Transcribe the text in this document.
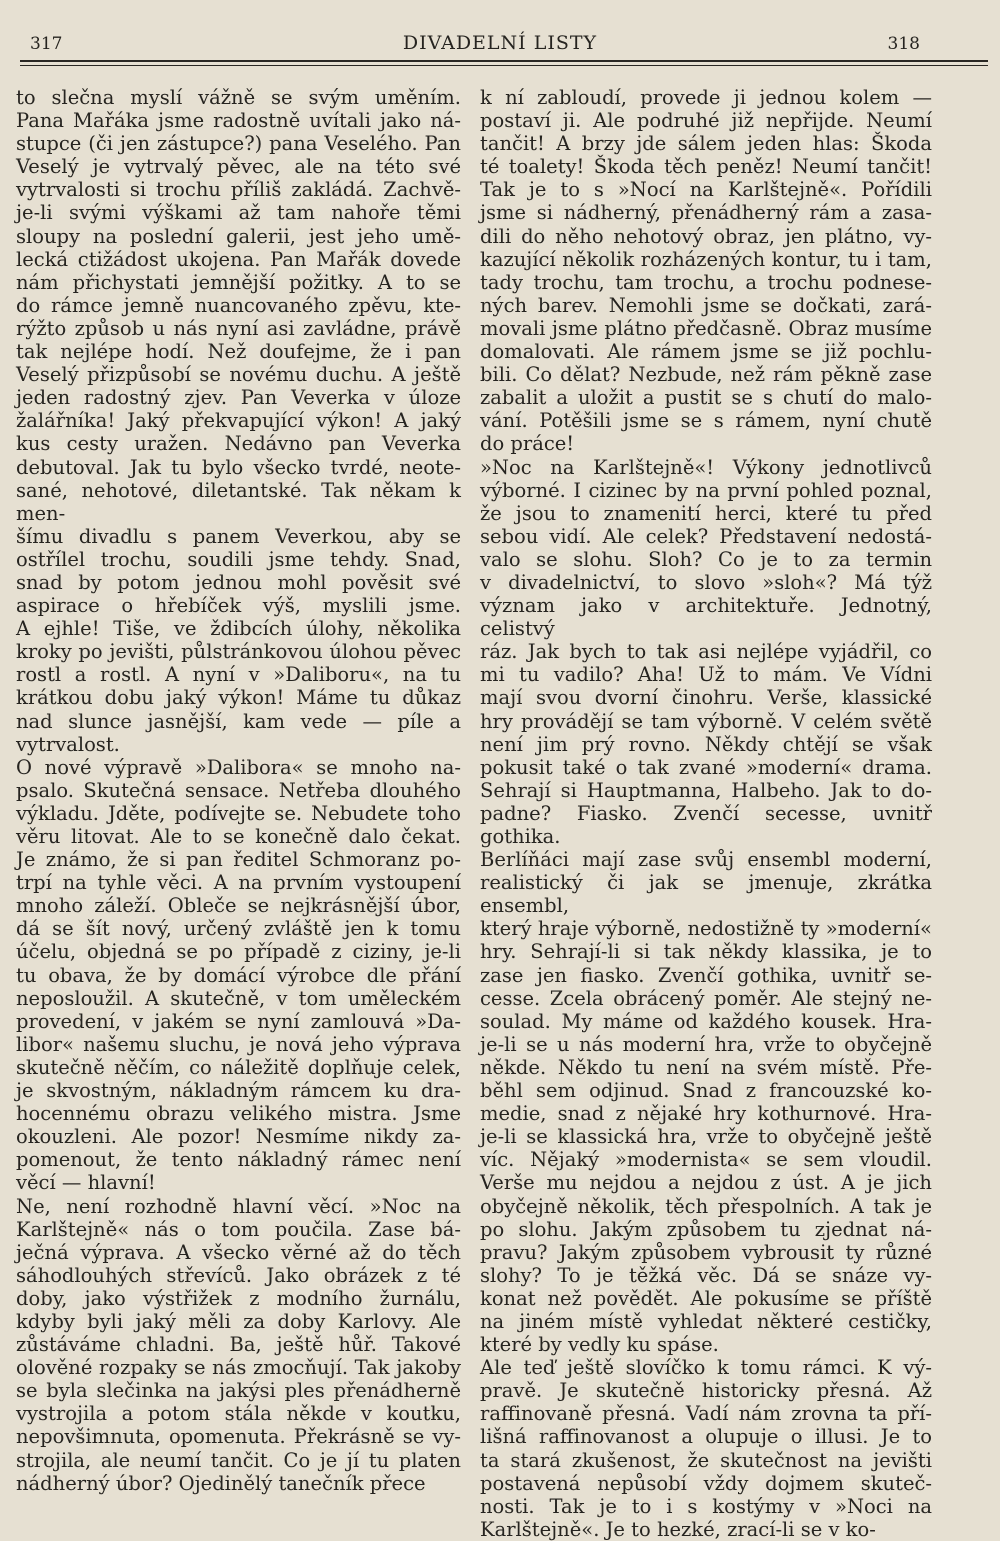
317	DIVADELNÍ LISTY	318
to slečna myslí vážně se svým uměním.
Pana Mařáka jsme radostně uvítali jako ná-
stupce (či jen zástupce?) pana Veselého. Pan
Veselý je vytrvalý pěvec, ale na této své
vytrvalosti si trochu příliš zakládá. Zachvě-
je-li svými výškami až tam nahoře těmi
sloupy na poslední galerii, jest jeho umě-
lecká ctižádost ukojena. Pan Mařák dovede
nám přichystati jemnější požitky. A to se
do rámce jemně nuancovaného zpěvu, kte-
rýžto způsob u nás nyní asi zavládne, právě
tak nejlépe hodí. Než doufejme, že i pan
Veselý přizpůsobí se novému duchu. A ještě
jeden radostný zjev. Pan Veverka v úloze
žalářníka! Jaký překvapující výkon! A jaký
kus cesty uražen. Nedávno pan Veverka
debutoval. Jak tu bylo všecko tvrdé, neote-
sané, nehotové, diletantské. Tak někam k men-
šímu divadlu s panem Veverkou, aby se
ostřílel trochu, soudili jsme tehdy. Snad,
snad by potom jednou mohl pověsit své
aspirace o hřebíček výš, myslili jsme.
A ejhle! Tiše, ve ždibcích úlohy, několika
kroky po jevišti, půlstránkovou úlohou pěvec
rostl a rostl. A nyní v »Daliboru«, na tu
krátkou dobu jaký výkon! Máme tu důkaz
nad slunce jasnější, kam vede — píle a
vytrvalost.
O nové výpravě »Dalibora« se mnoho na-
psalo. Skutečná sensace. Netřeba dlouhého
výkladu. Jděte, podívejte se. Nebudete toho
věru litovat. Ale to se konečně dalo čekat.
Je známo, že si pan ředitel Schmoranz po-
trpí na tyhle věci. A na prvním vystoupení
mnoho záleží. Obleče se nejkrásnější úbor,
dá se šít nový, určený zvláště jen k tomu
účelu, objedná se po případě z ciziny, je-li
tu obava, že by domácí výrobce dle přání
neposloužil. A skutečně, v tom uměleckém
provedení, v jakém se nyní zamlouvá »Da-
libor« našemu sluchu, je nová jeho výprava
skutečně něčím, co náležitě doplňuje celek,
je skvostným, nákladným rámcem ku dra-
hocennému obrazu velikého mistra. Jsme
okouzleni. Ale pozor! Nesmíme nikdy za-
pomenout, že tento nákladný rámec není
věcí — hlavní!
Ne, není rozhodně hlavní věcí. »Noc na
Karlštejně« nás o tom poučila. Zase bá-
ječná výprava. A všecko věrné až do těch
sáhodlouhých střevíců. Jako obrázek z té
doby, jako výstřižek z modního žurnálu,
kdyby byli jaký měli za doby Karlovy. Ale
zůstáváme chladni. Ba, ještě hůř. Takové
olověné rozpaky se nás zmocňují. Tak jakoby
se byla slečinka na jakýsi ples přenádherně
vystrojila a potom stála někde v koutku,
nepovšimnuta, opomenuta. Překrásně se vy-
strojila, ale neumí tančit. Co je jí tu platen
nádherný úbor? Ojedinělý tanečník přece
k ní zabloudí, provede ji jednou kolem —
postaví ji. Ale podruhé již nepřijde. Neumí
tančit! A brzy jde sálem jeden hlas: Škoda
té toalety! Škoda těch peněz! Neumí tančit!
Tak je to s »Nocí na Karlštejně«. Pořídili
jsme si nádherný, přenádherný rám a zasa-
dili do něho nehotový obraz, jen plátno, vy-
kazující několik rozházených kontur, tu i tam,
tady trochu, tam trochu, a trochu podnese-
ných barev. Nemohli jsme se dočkati, zará-
movali jsme plátno předčasně. Obraz musíme
domalovati. Ale rámem jsme se již pochlu-
bili. Co dělat? Nezbude, než rám pěkně zase
zabalit a uložit a pustit se s chutí do malo-
vání. Potěšili jsme se s rámem, nyní chutě
do práce!
»Noc na Karlštejně«! Výkony jednotlivců
výborné. I cizinec by na první pohled poznal,
že jsou to znamenití herci, které tu před
sebou vidí. Ale celek? Představení nedostá-
valo se slohu. Sloh? Co je to za termin
v divadelnictví, to slovo »sloh«? Má týž
význam jako v architektuře. Jednotný, celistvý
ráz. Jak bych to tak asi nejlépe vyjádřil, co
mi tu vadilo? Aha! Už to mám. Ve Vídni
mají svou dvorní činohru. Verše, klassické
hry provádějí se tam výborně. V celém světě
není jim prý rovno. Někdy chtějí se však
pokusit také o tak zvané »moderní« drama.
Sehrají si Hauptmanna, Halbeho. Jak to do-
padne? Fiasko. Zvenčí secesse, uvnitř gothika.
Berlíňáci mají zase svůj ensembl moderní,
realistický či jak se jmenuje, zkrátka ensembl,
který hraje výborně, nedostižně ty »moderní«
hry. Sehrají-li si tak někdy klassika, je to
zase jen fiasko. Zvenčí gothika, uvnitř se-
cesse. Zcela obrácený poměr. Ale stejný ne-
soulad. My máme od každého kousek. Hra-
je-li se u nás moderní hra, vrže to obyčejně
někde. Někdo tu není na svém místě. Pře-
běhl sem odjinud. Snad z francouzské ko-
medie, snad z nějaké hry kothurnové. Hra-
je-li se klassická hra, vrže to obyčejně ještě
víc. Nějaký »modernista« se sem vloudil.
Verše mu nejdou a nejdou z úst. A je jich
obyčejně několik, těch přespolních. A tak je
po slohu. Jakým způsobem tu zjednat ná-
pravu? Jakým způsobem vybrousit ty různé
slohy? To je těžká věc. Dá se snáze vy-
konat než povědět. Ale pokusíme se příště
na jiném místě vyhledat některé cestičky,
které by vedly ku spáse.
Ale teď ještě slovíčko k tomu rámci. K vý-
pravě. Je skutečně historicky přesná. Až
raffinovaně přesná. Vadí nám zrovna ta pří-
lišná raffinovanost a olupuje o illusi. Je to
ta stará zkušenost, že skutečnost na jevišti
postavená nepůsobí vždy dojmem skuteč-
nosti. Tak je to i s kostýmy v »Noci na
Karlštejně«. Je to hezké, zrací-li se v ko-
